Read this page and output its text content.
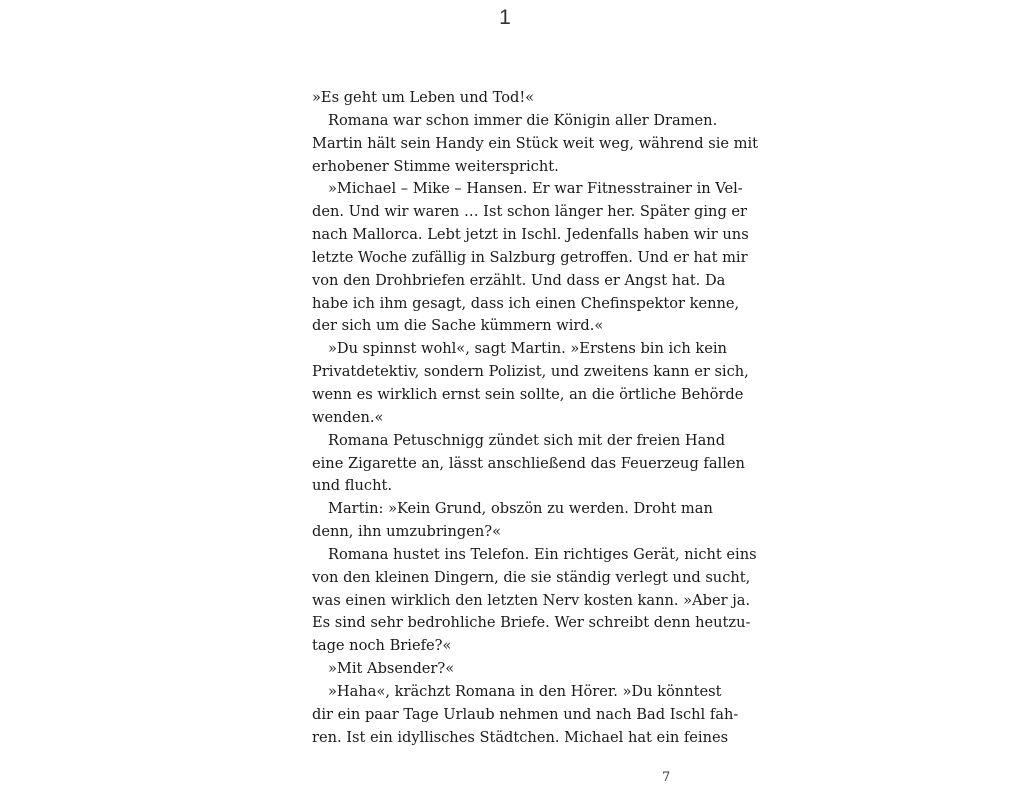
1
»Es geht um Leben und Tod!«
Romana war schon immer die Königin aller Dramen.
Martin hält sein Handy ein Stück weit weg, während sie mit
erhobener Stimme weiterspricht.
»Michael – Mike – Hansen. Er war Fitnesstrainer in Vel-
den. Und wir waren … Ist schon länger her. Später ging er
nach Mallorca. Lebt jetzt in Ischl. Jedenfalls haben wir uns
letzte Woche zufällig in Salzburg getroffen. Und er hat mir
von den Drohbriefen erzählt. Und dass er Angst hat. Da
habe ich ihm gesagt, dass ich einen Chefinspektor kenne,
der sich um die Sache kümmern wird.«
»Du spinnst wohl«, sagt Martin. »Erstens bin ich kein
Privatdetektiv, sondern Polizist, und zweitens kann er sich,
wenn es wirklich ernst sein sollte, an die örtliche Behörde
wenden.«
Romana Petuschnigg zündet sich mit der freien Hand
eine Zigarette an, lässt anschließend das Feuerzeug fallen
und flucht.
Martin: »Kein Grund, obszön zu werden. Droht man
denn, ihn umzubringen?«
Romana hustet ins Telefon. Ein richtiges Gerät, nicht eins
von den kleinen Dingern, die sie ständig verlegt und sucht,
was einen wirklich den letzten Nerv kosten kann. »Aber ja.
Es sind sehr bedrohliche Briefe. Wer schreibt denn heutzu-
tage noch Briefe?«
»Mit Absender?«
»Haha«, krächzt Romana in den Hörer. »Du könntest
dir ein paar Tage Urlaub nehmen und nach Bad Ischl fah-
ren. Ist ein idyllisches Städtchen. Michael hat ein feines
7
